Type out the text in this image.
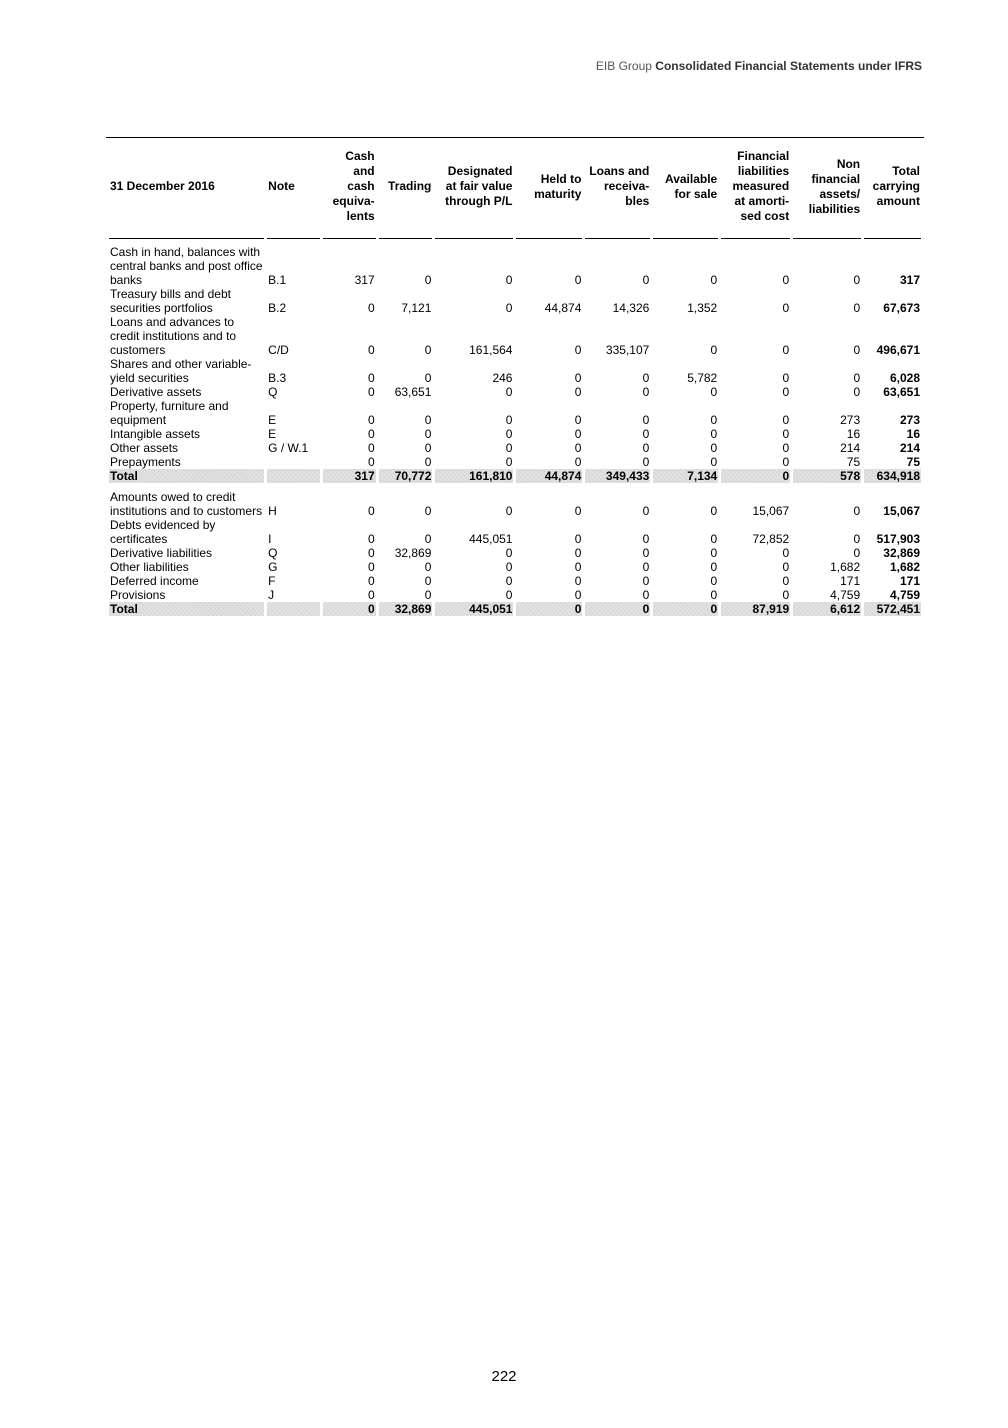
EIB Group Consolidated Financial Statements under IFRS
31 December 2016	Note	Cash and cash equiva- lents	Trading	Designated at fair value through P/L	Held to maturity	Loans and receiva- bles	Available for sale	Financial liabilities measured at amorti- sed cost	Non financial assets/ liabilities	Total carrying amount

Cash in hand, balances with central banks and post office banks	B.1	317	0	0	0	0	0	0	0	317
Treasury bills and debt securities portfolios	B.2	0	7,121	0	44,874	14,326	1,352	0	0	67,673
Loans and advances to credit institutions and to customers	C/D	0	0	161,564	0	335,107	0	0	0	496,671
Shares and other variable-yield securities	B.3	0	0	246	0	0	5,782	0	0	6,028
Derivative assets	Q	0	63,651	0	0	0	0	0	0	63,651
Property, furniture and equipment	E	0	0	0	0	0	0	0	273	273
Intangible assets	E	0	0	0	0	0	0	0	16	16
Other assets	G / W.1	0	0	0	0	0	0	0	214	214
Prepayments		0	0	0	0	0	0	0	75	75
Total		317	70,772	161,810	44,874	349,433	7,134	0	578	634,918

Amounts owed to credit institutions and to customers	H	0	0	0	0	0	0	15,067	0	15,067
Debts evidenced by certificates	I	0	0	445,051	0	0	0	72,852	0	517,903
Derivative liabilities	Q	0	32,869	0	0	0	0	0	0	32,869
Other liabilities	G	0	0	0	0	0	0	0	1,682	1,682
Deferred income	F	0	0	0	0	0	0	0	171	171
Provisions	J	0	0	0	0	0	0	0	4,759	4,759
Total		0	32,869	445,051	0	0	0	87,919	6,612	572,451
222
